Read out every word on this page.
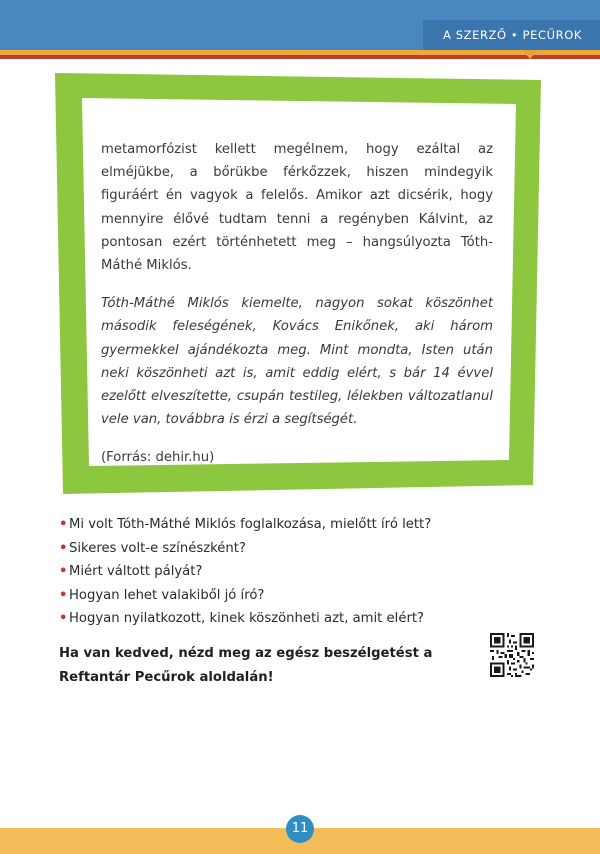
A SZERZŐ • PECŰROK

metamorfózist kellett megélnem, hogy ezáltal az elméjükbe, a bőrükbe férkőzzek, hiszen mindegyik figuráért én vagyok a felelős. Amikor azt dicsérik, hogy mennyire élővé tudtam tenni a regényben Kálvint, az pontosan ezért történhetett meg – hangsúlyozta Tóth-Máthé Miklós.

Tóth-Máthé Miklós kiemelte, nagyon sokat köszönhet második feleségének, Kovács Enikőnek, aki három gyermekkel ajándékozta meg. Mint mondta, Isten után neki köszönheti azt is, amit eddig elért, s bár 14 évvel ezelőtt elveszítette, csupán testileg, lélekben változatlanul vele van, továbbra is érzi a segítségét.

(Forrás: dehir.hu)

• Mi volt Tóth-Máthé Miklós foglalkozása, mielőtt író lett?
• Sikeres volt-e színészként?
• Miért váltott pályát?
• Hogyan lehet valakiből jó író?
• Hogyan nyilatkozott, kinek köszönheti azt, amit elért?
Ha van kedved, nézd meg az egész beszélgetést a Reftantár Pecűrok aloldalán!
11
